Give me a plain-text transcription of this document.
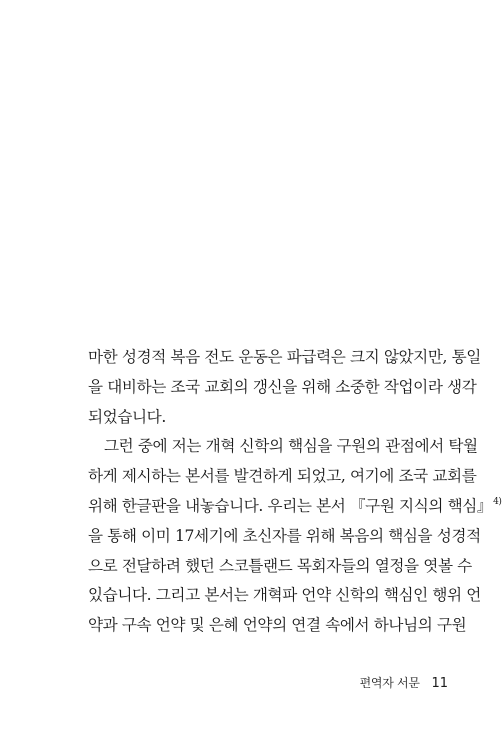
마한 성경적 복음 전도 운동은 파급력은 크지 않았지만, 통일
을 대비하는 조국 교회의 갱신을 위해 소중한 작업이라 생각
되었습니다.
그런 중에 저는 개혁 신학의 핵심을 구원의 관점에서 탁월
하게 제시하는 본서를 발견하게 되었고, 여기에 조국 교회를
위해 한글판을 내놓습니다. 우리는 본서 『구원 지식의 핵심』$^{4)}$
을 통해 이미 17세기에 초신자를 위해 복음의 핵심을 성경적
으로 전달하려 했던 스코틀랜드 목회자들의 열정을 엿볼 수
있습니다. 그리고 본서는 개혁파 언약 신학의 핵심인 행위 언
약과 구속 언약 및 은혜 언약의 연결 속에서 하나님의 구원
편역자 서문 11
